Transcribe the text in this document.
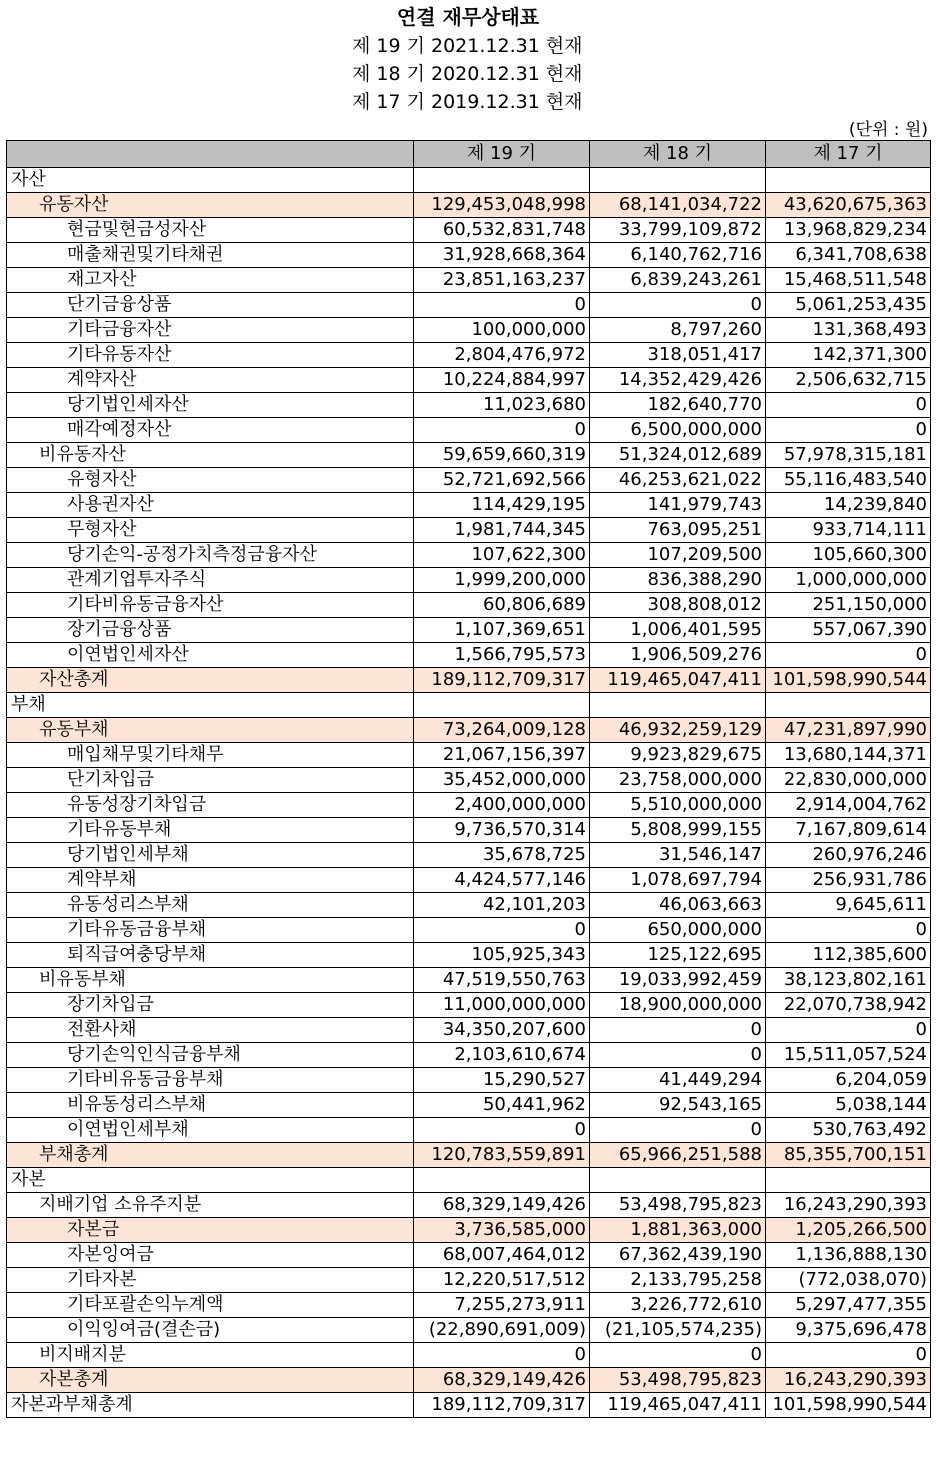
연결 재무상태표
제 19 기 2021.12.31 현재
제 18 기 2020.12.31 현재
제 17 기 2019.12.31 현재
(단위 : 원)
	제 19 기	제 18 기	제 17 기
자산			
유동자산	129,453,048,998	68,141,034,722	43,620,675,363
현금및현금성자산	60,532,831,748	33,799,109,872	13,968,829,234
매출채권및기타채권	31,928,668,364	6,140,762,716	6,341,708,638
재고자산	23,851,163,237	6,839,243,261	15,468,511,548
단기금융상품	0	0	5,061,253,435
기타금융자산	100,000,000	8,797,260	131,368,493
기타유동자산	2,804,476,972	318,051,417	142,371,300
계약자산	10,224,884,997	14,352,429,426	2,506,632,715
당기법인세자산	11,023,680	182,640,770	0
매각예정자산	0	6,500,000,000	0
비유동자산	59,659,660,319	51,324,012,689	57,978,315,181
유형자산	52,721,692,566	46,253,621,022	55,116,483,540
사용권자산	114,429,195	141,979,743	14,239,840
무형자산	1,981,744,345	763,095,251	933,714,111
당기손익-공정가치측정금융자산	107,622,300	107,209,500	105,660,300
관계기업투자주식	1,999,200,000	836,388,290	1,000,000,000
기타비유동금융자산	60,806,689	308,808,012	251,150,000
장기금융상품	1,107,369,651	1,006,401,595	557,067,390
이연법인세자산	1,566,795,573	1,906,509,276	0
자산총계	189,112,709,317	119,465,047,411	101,598,990,544
부채			
유동부채	73,264,009,128	46,932,259,129	47,231,897,990
매입채무및기타채무	21,067,156,397	9,923,829,675	13,680,144,371
단기차입금	35,452,000,000	23,758,000,000	22,830,000,000
유동성장기차입금	2,400,000,000	5,510,000,000	2,914,004,762
기타유동부채	9,736,570,314	5,808,999,155	7,167,809,614
당기법인세부채	35,678,725	31,546,147	260,976,246
계약부채	4,424,577,146	1,078,697,794	256,931,786
유동성리스부채	42,101,203	46,063,663	9,645,611
기타유동금융부채	0	650,000,000	0
퇴직급여충당부채	105,925,343	125,122,695	112,385,600
비유동부채	47,519,550,763	19,033,992,459	38,123,802,161
장기차입금	11,000,000,000	18,900,000,000	22,070,738,942
전환사채	34,350,207,600	0	0
당기손익인식금융부채	2,103,610,674	0	15,511,057,524
기타비유동금융부채	15,290,527	41,449,294	6,204,059
비유동성리스부채	50,441,962	92,543,165	5,038,144
이연법인세부채	0	0	530,763,492
부채총계	120,783,559,891	65,966,251,588	85,355,700,151
자본			
지배기업 소유주지분	68,329,149,426	53,498,795,823	16,243,290,393
자본금	3,736,585,000	1,881,363,000	1,205,266,500
자본잉여금	68,007,464,012	67,362,439,190	1,136,888,130
기타자본	12,220,517,512	2,133,795,258	(772,038,070)
기타포괄손익누계액	7,255,273,911	3,226,772,610	5,297,477,355
이익잉여금(결손금)	(22,890,691,009)	(21,105,574,235)	9,375,696,478
비지배지분	0	0	0
자본총계	68,329,149,426	53,498,795,823	16,243,290,393
자본과부채총계	189,112,709,317	119,465,047,411	101,598,990,544
